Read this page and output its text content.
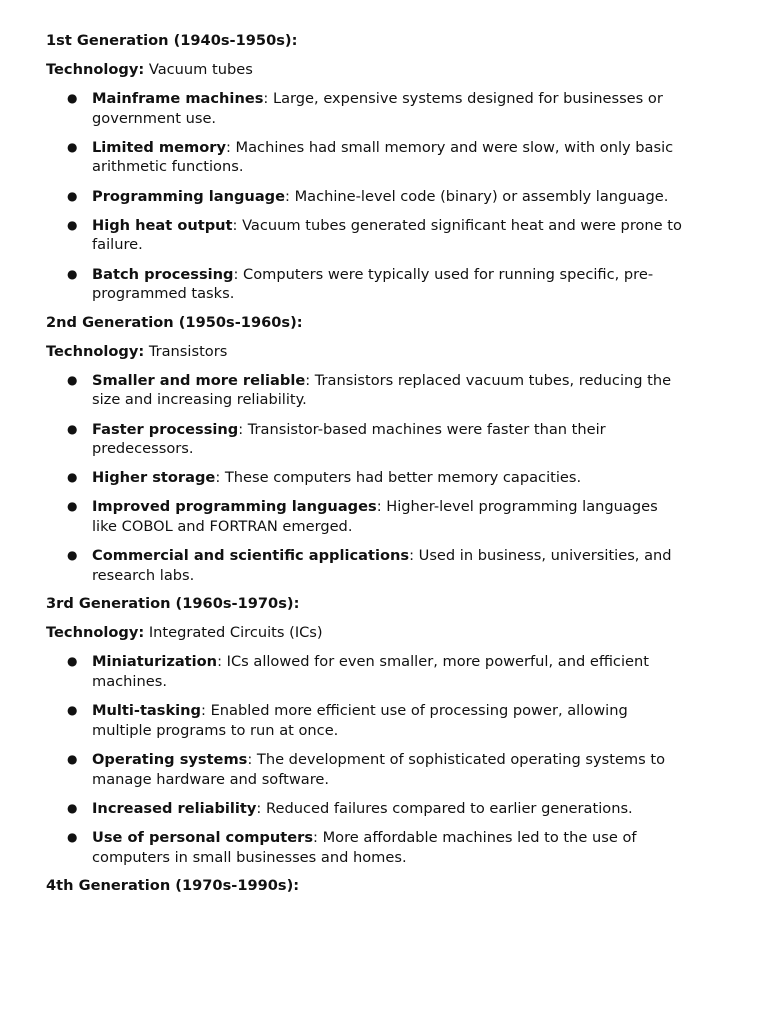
1st Generation (1940s-1950s):
Technology: Vacuum tubes
● Mainframe machines: Large, expensive systems designed for businesses or government use.
● Limited memory: Machines had small memory and were slow, with only basic arithmetic functions.
● Programming language: Machine-level code (binary) or assembly language.
● High heat output: Vacuum tubes generated significant heat and were prone to failure.
● Batch processing: Computers were typically used for running specific, pre-programmed tasks.
2nd Generation (1950s-1960s):
Technology: Transistors
● Smaller and more reliable: Transistors replaced vacuum tubes, reducing the size and increasing reliability.
● Faster processing: Transistor-based machines were faster than their predecessors.
● Higher storage: These computers had better memory capacities.
● Improved programming languages: Higher-level programming languages like COBOL and FORTRAN emerged.
● Commercial and scientific applications: Used in business, universities, and research labs.
3rd Generation (1960s-1970s):
Technology: Integrated Circuits (ICs)
● Miniaturization: ICs allowed for even smaller, more powerful, and efficient machines.
● Multi-tasking: Enabled more efficient use of processing power, allowing multiple programs to run at once.
● Operating systems: The development of sophisticated operating systems to manage hardware and software.
● Increased reliability: Reduced failures compared to earlier generations.
● Use of personal computers: More affordable machines led to the use of computers in small businesses and homes.
4th Generation (1970s-1990s):
